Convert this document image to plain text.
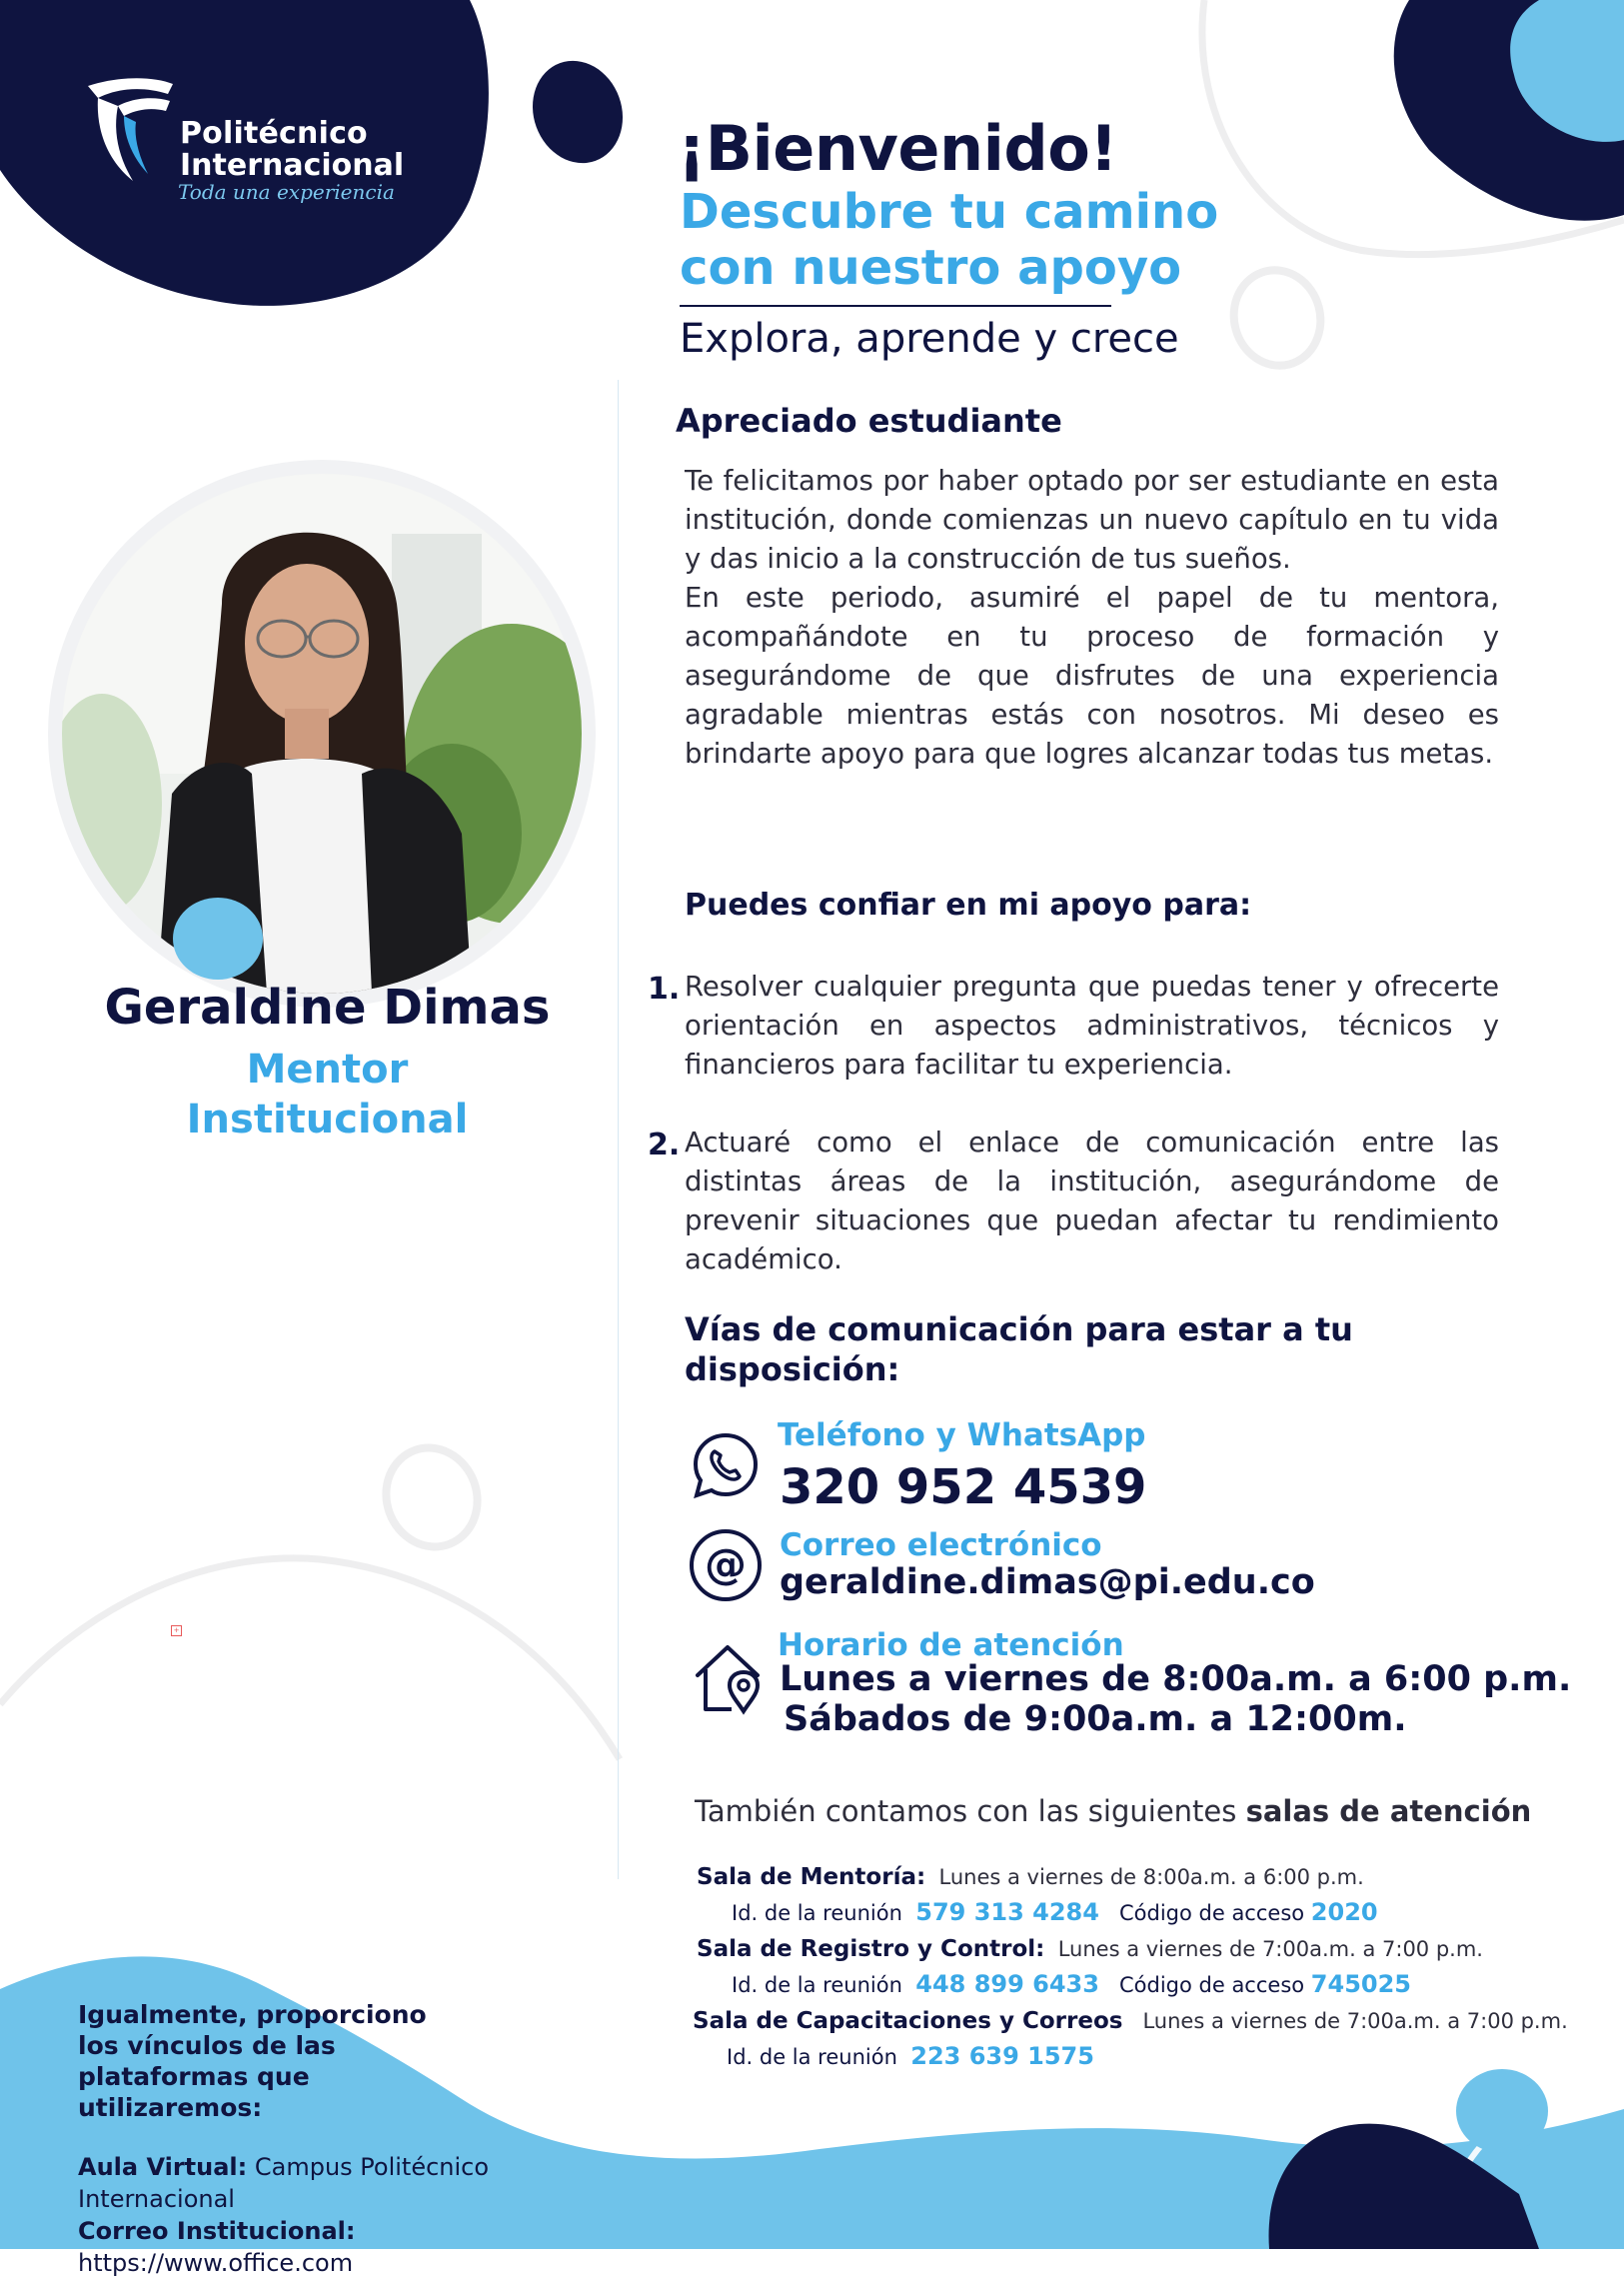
Politécnico
Internacional
Toda una experiencia
¡Bienvenido!
Descubre tu camino con nuestro apoyo
Explora, aprende y crece
Geraldine Dimas
Mentor Institucional
Apreciado estudiante

Te felicitamos por haber optado por ser estudiante en esta institución, donde comienzas un nuevo capítulo en tu vida y das inicio a la construcción de tus sueños.

En este periodo, asumiré el papel de tu mentora, acompañándote en tu proceso de formación y asegurándome de que disfrutes de una experiencia agradable mientras estás con nosotros. Mi deseo es brindarte apoyo para que logres alcanzar todas tus metas.

Puedes confiar en mi apoyo para:
1. Resolver cualquier pregunta que puedas tener y ofrecerte orientación en aspectos administrativos, técnicos y financieros para facilitar tu experiencia.
2. Actuaré como el enlace de comunicación entre las distintas áreas de la institución, asegurándome de prevenir situaciones que puedan afectar tu rendimiento académico.
Vías de comunicación para estar a tu disposición:
@
Teléfono y WhatsApp
320 952 4539
Correo electrónico
geraldine.dimas@pi.edu.co
Horario de atención
Lunes a viernes de 8:00a.m. a 6:00 p.m.
Sábados de 9:00a.m. a 12:00m.
También contamos con las siguientes salas de atención
Sala de Mentoría: Lunes a viernes de 8:00a.m. a 6:00 p.m.
Id. de la reunión 579 313 4284 Código de acceso 2020
Sala de Registro y Control: Lunes a viernes de 7:00a.m. a 7:00 p.m.
Id. de la reunión 448 899 6433 Código de acceso 745025
Sala de Capacitaciones y Correos Lunes a viernes de 7:00a.m. a 7:00 p.m.
Id. de la reunión 223 639 1575
Igualmente, proporciono los vínculos de las plataformas que utilizaremos:
Aula Virtual: Campus Politécnico Internacional
Correo Institucional: https://www.office.com
+
